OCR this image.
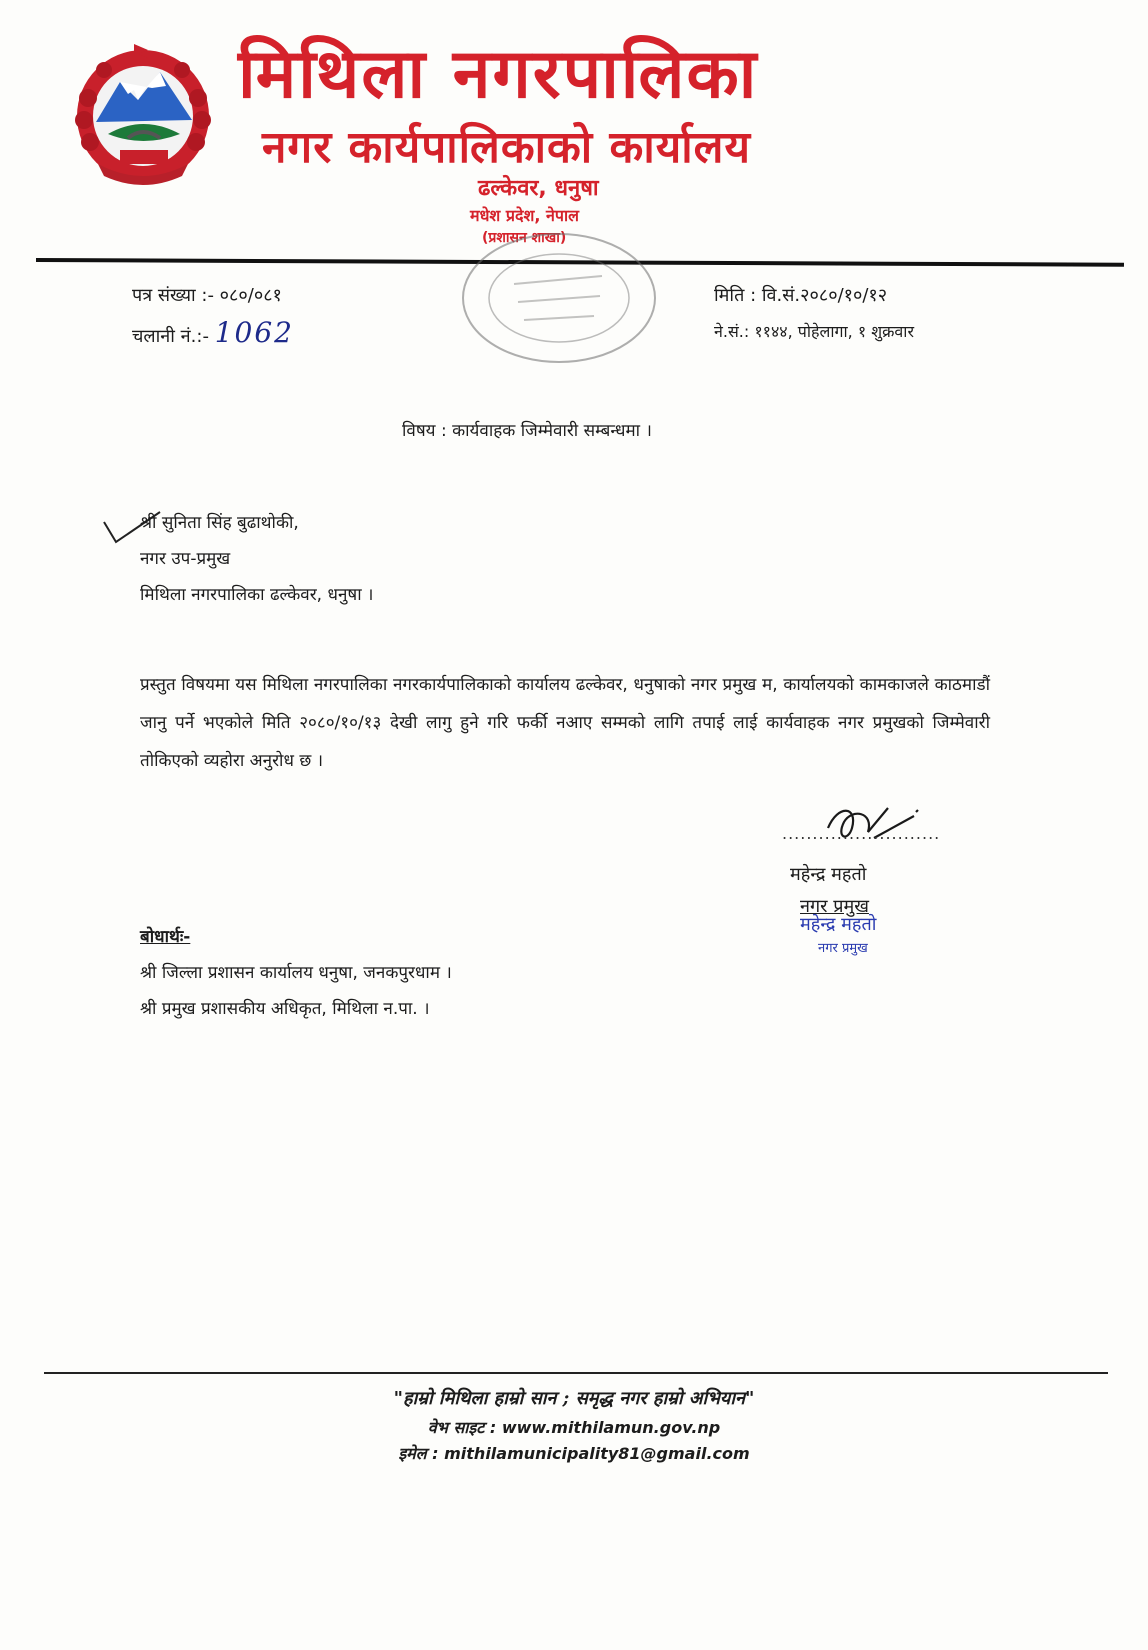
मिथिला नगरपालिका
नगर कार्यपालिकाको कार्यालय
ढल्केवर, धनुषा
मधेश प्रदेश, नेपाल
(प्रशासन शाखा)
पत्र संख्या :- ०८०/०८१
चलानी नं.:- 1062
मिति : वि.सं.२०८०/१०/१२
ने.सं.: ११४४, पोहेलागा, १ शुक्रवार
विषय : कार्यवाहक जिम्मेवारी सम्बन्धमा ।
श्री सुनिता सिंह बुढाथोकी,
नगर उप-प्रमुख
मिथिला नगरपालिका ढल्केवर, धनुषा ।
प्रस्तुत विषयमा यस मिथिला नगरपालिका नगरकार्यपालिकाको कार्यालय ढल्केवर, धनुषाको नगर प्रमुख म, कार्यालयको कामकाजले काठमाडौं जानु पर्ने भएकोले मिति २०८०/१०/१३ देखी लागु हुने गरि फर्की नआए सम्मको लागि तपाई लाई कार्यवाहक नगर प्रमुखको जिम्मेवारी तोकिएको व्यहोरा अनुरोध छ ।
..........................
महेन्द्र महतो
नगर प्रमुख
महेन्द्र महतो
नगर प्रमुख
बोधार्थः-
श्री जिल्ला प्रशासन कार्यालय धनुषा, जनकपुरधाम ।
श्री प्रमुख प्रशासकीय अधिकृत, मिथिला न.पा. ।
"हाम्रो मिथिला हाम्रो सान ; समृद्ध नगर हाम्रो अभियान"
वेभ साइट : www.mithilamun.gov.np
इमेल : mithilamunicipality81@gmail.com
